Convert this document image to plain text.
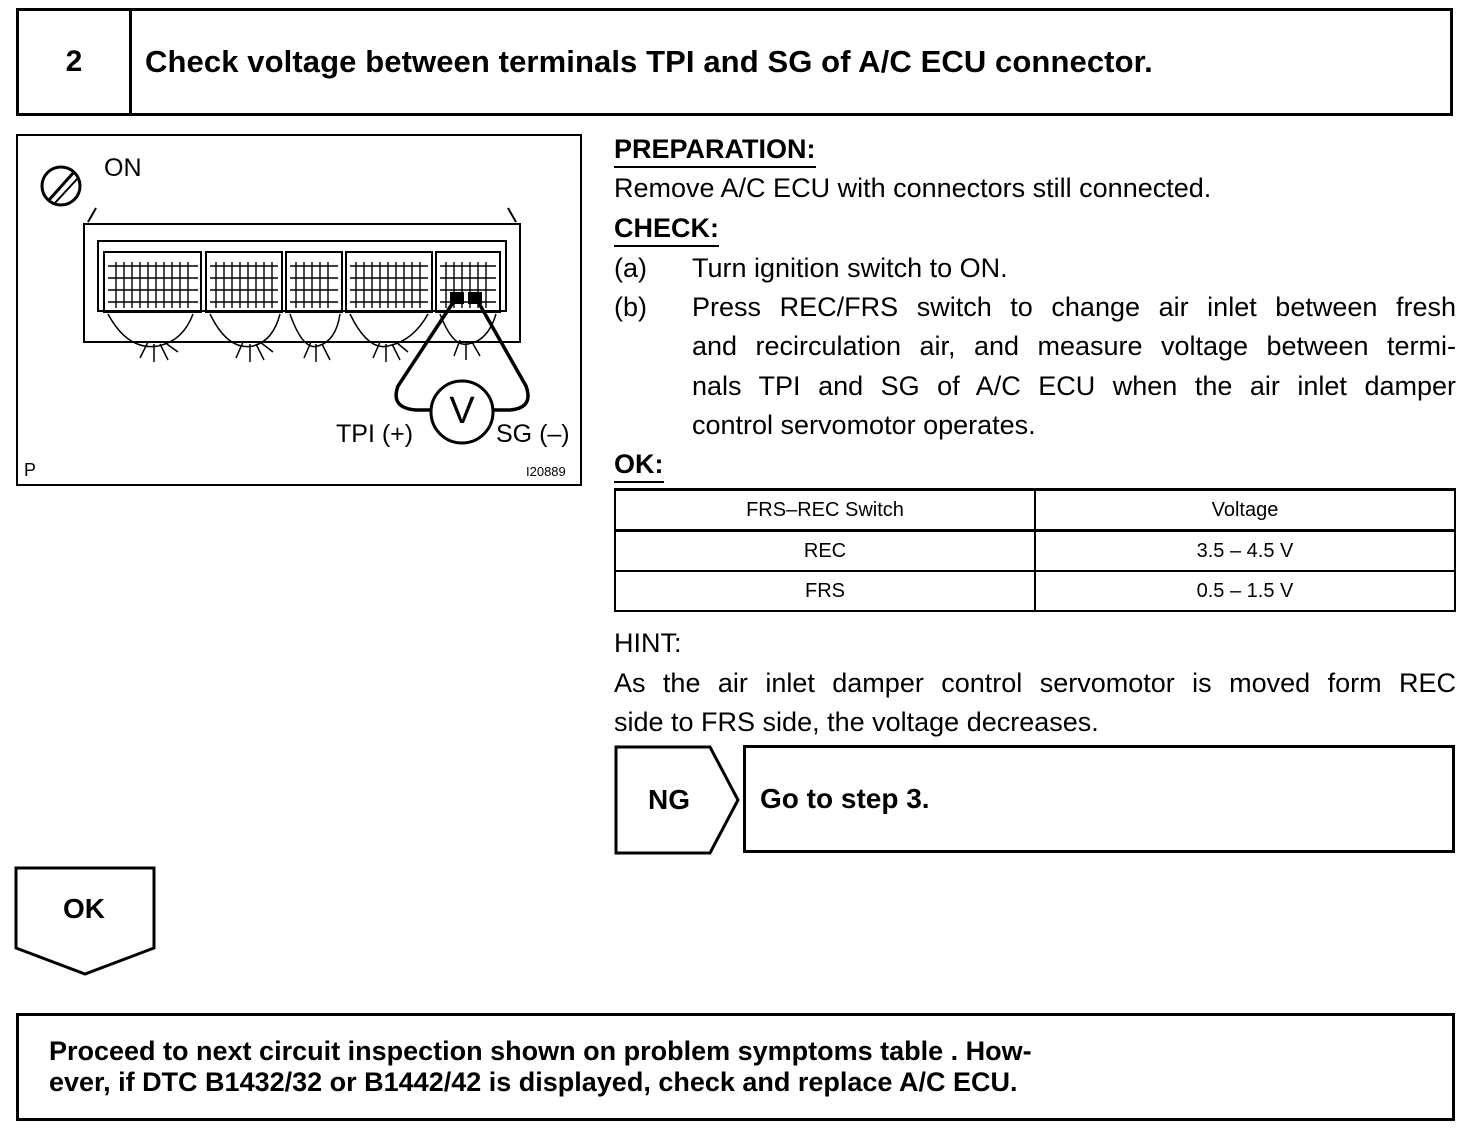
2	Check voltage between terminals TPI and SG of A/C ECU connector.
ON
V
TPI (+)	SG (–)
P	I20889
PREPARATION:
Remove A/C ECU with connectors still connected.
CHECK:
(a) Turn ignition switch to ON.
(b) Press REC/FRS switch to change air inlet between fresh
and recirculation air, and measure voltage between termi-
nals TPI and SG of A/C ECU when the air inlet damper
control servomotor operates.
OK:
FRS–REC Switch	Voltage
REC	3.5 – 4.5 V
FRS	0.5 – 1.5 V
HINT:
As the air inlet damper control servomotor is moved form REC
side to FRS side, the voltage decreases.
NG	Go to step 3.
OK
Proceed to next circuit inspection shown on problem symptoms table . How-
ever, if DTC B1432/32 or B1442/42 is displayed, check and replace A/C ECU.
